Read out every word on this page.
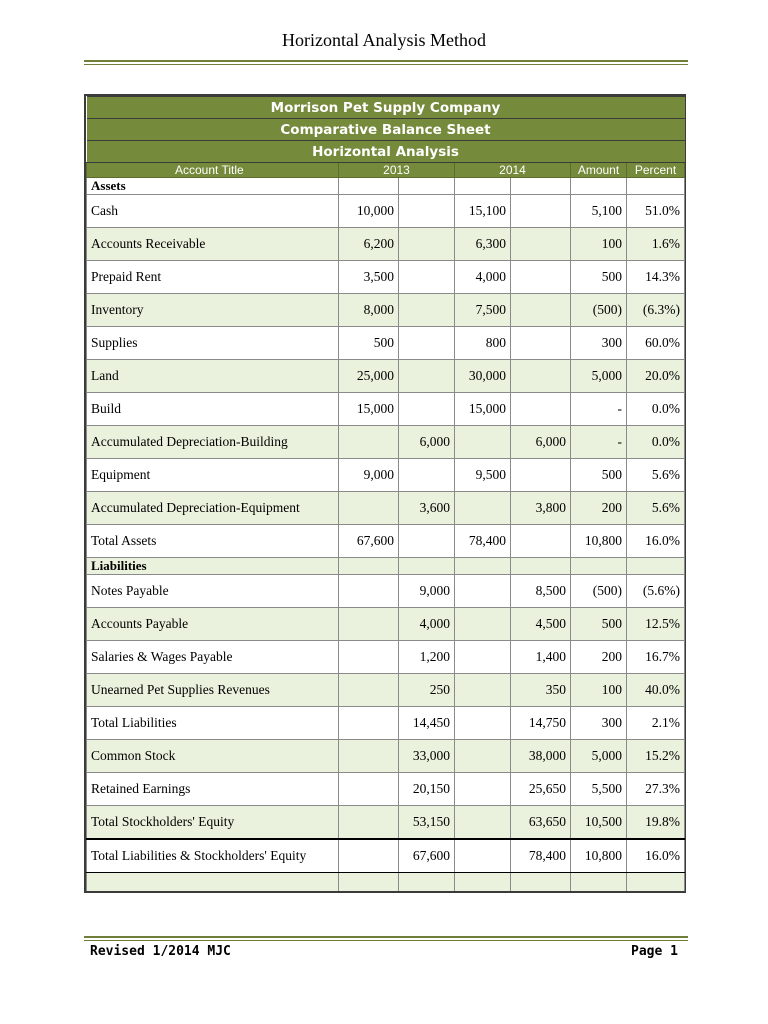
Horizontal Analysis Method
Morrison Pet Supply Company						
Comparative Balance Sheet						
Horizontal Analysis						
Account Title	2013		2014		Amount	Percent
Assets						
Cash	10,000		15,100		5,100	51.0%
Accounts Receivable	6,200		6,300		100	1.6%
Prepaid Rent	3,500		4,000		500	14.3%
Inventory	8,000		7,500		(500)	(6.3%)
Supplies	500		800		300	60.0%
Land	25,000		30,000		5,000	20.0%
Build	15,000		15,000		-	0.0%
Accumulated Depreciation-Building		6,000		6,000	-	0.0%
Equipment	9,000		9,500		500	5.6%
Accumulated Depreciation-Equipment		3,600		3,800	200	5.6%
Total Assets	67,600		78,400		10,800	16.0%
Liabilities						
Notes Payable		9,000		8,500	(500)	(5.6%)
Accounts Payable		4,000		4,500	500	12.5%
Salaries & Wages Payable		1,200		1,400	200	16.7%
Unearned Pet Supplies Revenues		250		350	100	40.0%
Total Liabilities		14,450		14,750	300	2.1%
Common Stock		33,000		38,000	5,000	15.2%
Retained Earnings		20,150		25,650	5,500	27.3%
Total Stockholders' Equity		53,150		63,650	10,500	19.8%
Total Liabilities & Stockholders' Equity		67,600		78,400	10,800	16.0%

Revised 1/2014 MJC	Page 1
